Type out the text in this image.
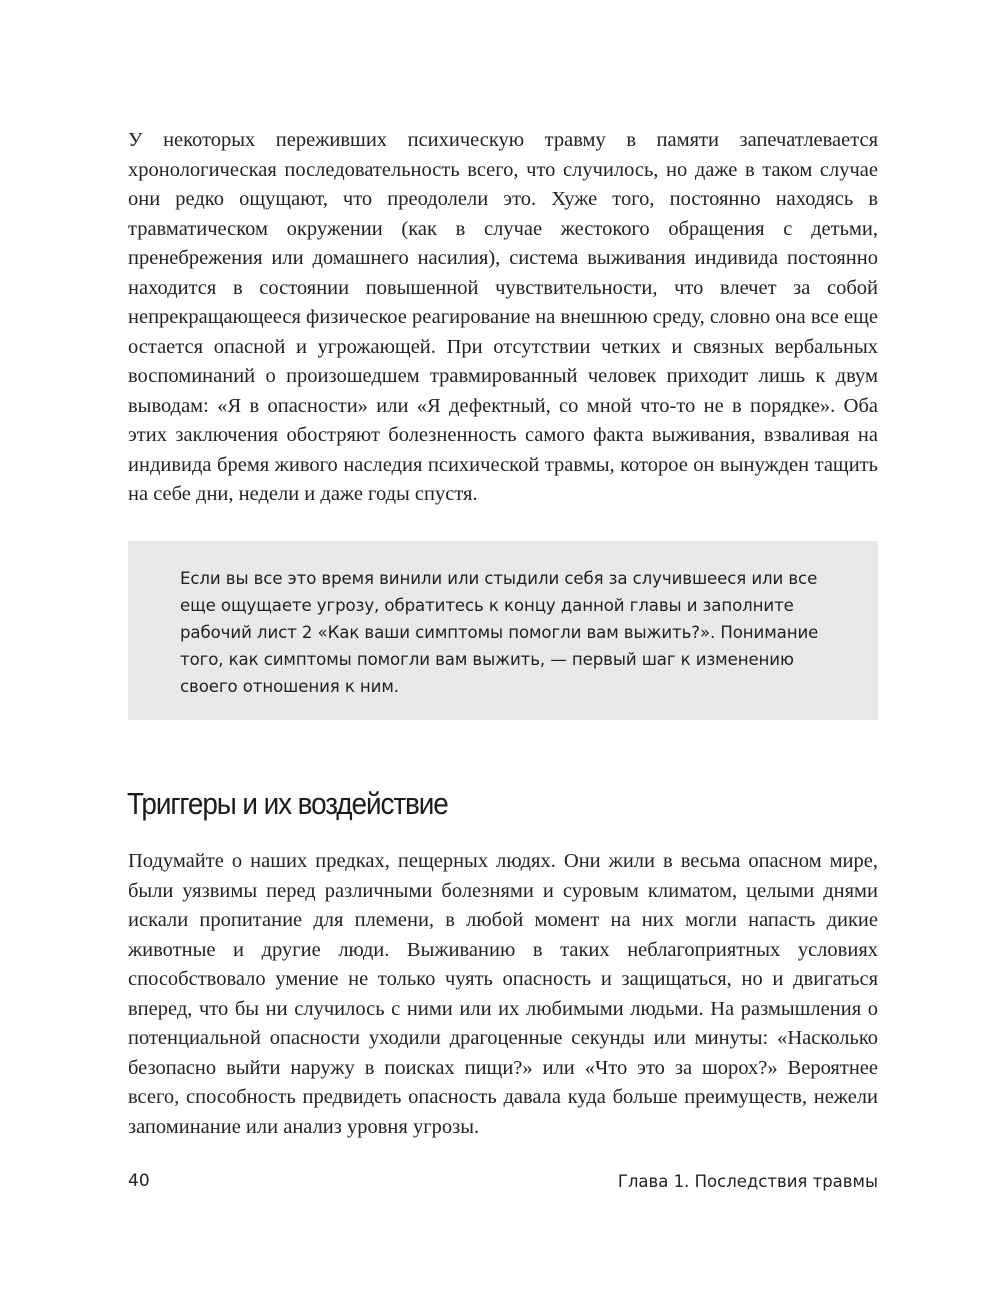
У некоторых переживших психическую травму в памяти запечатлевается хронологическая последовательность всего, что случилось, но даже в таком случае они редко ощущают, что преодолели это. Хуже того, постоянно находясь в травматическом окружении (как в случае жестокого обращения с детьми, пренебрежения или домашнего насилия), система выживания индивида постоянно находится в состоянии повышенной чувствительности, что влечет за собой непрекращающееся физическое реагирование на внешнюю среду, словно она все еще остается опасной и угрожающей. При отсутствии четких и связных вербальных воспоминаний о произошедшем травмированный человек приходит лишь к двум выводам: «Я в опасности» или «Я дефектный, со мной что-то не в порядке». Оба этих заключения обостряют болезненность самого факта выживания, взваливая на индивида бремя живого наследия психической травмы, которое он вынужден тащить на себе дни, недели и даже годы спустя.

Если вы все это время винили или стыдили себя за случившееся или все еще ощущаете угрозу, обратитесь к концу данной главы и заполните рабочий лист 2 «Как ваши симптомы помогли вам выжить?». Понимание того, как симптомы помогли вам выжить, — первый шаг к изменению своего отношения к ним.

Триггеры и их воздействие

Подумайте о наших предках, пещерных людях. Они жили в весьма опасном мире, были уязвимы перед различными болезнями и суровым климатом, целыми днями искали пропитание для племени, в любой момент на них могли напасть дикие животные и другие люди. Выживанию в таких неблагоприятных условиях способствовало умение не только чуять опасность и защищаться, но и двигаться вперед, что бы ни случилось с ними или их любимыми людьми. На размышления о потенциальной опасности уходили драгоценные секунды или минуты: «Насколько безопасно выйти наружу в поисках пищи?» или «Что это за шорох?» Вероятнее всего, способность предвидеть опасность давала куда больше преимуществ, нежели запоминание или анализ уровня угрозы.

40	Глава 1. Последствия травмы
